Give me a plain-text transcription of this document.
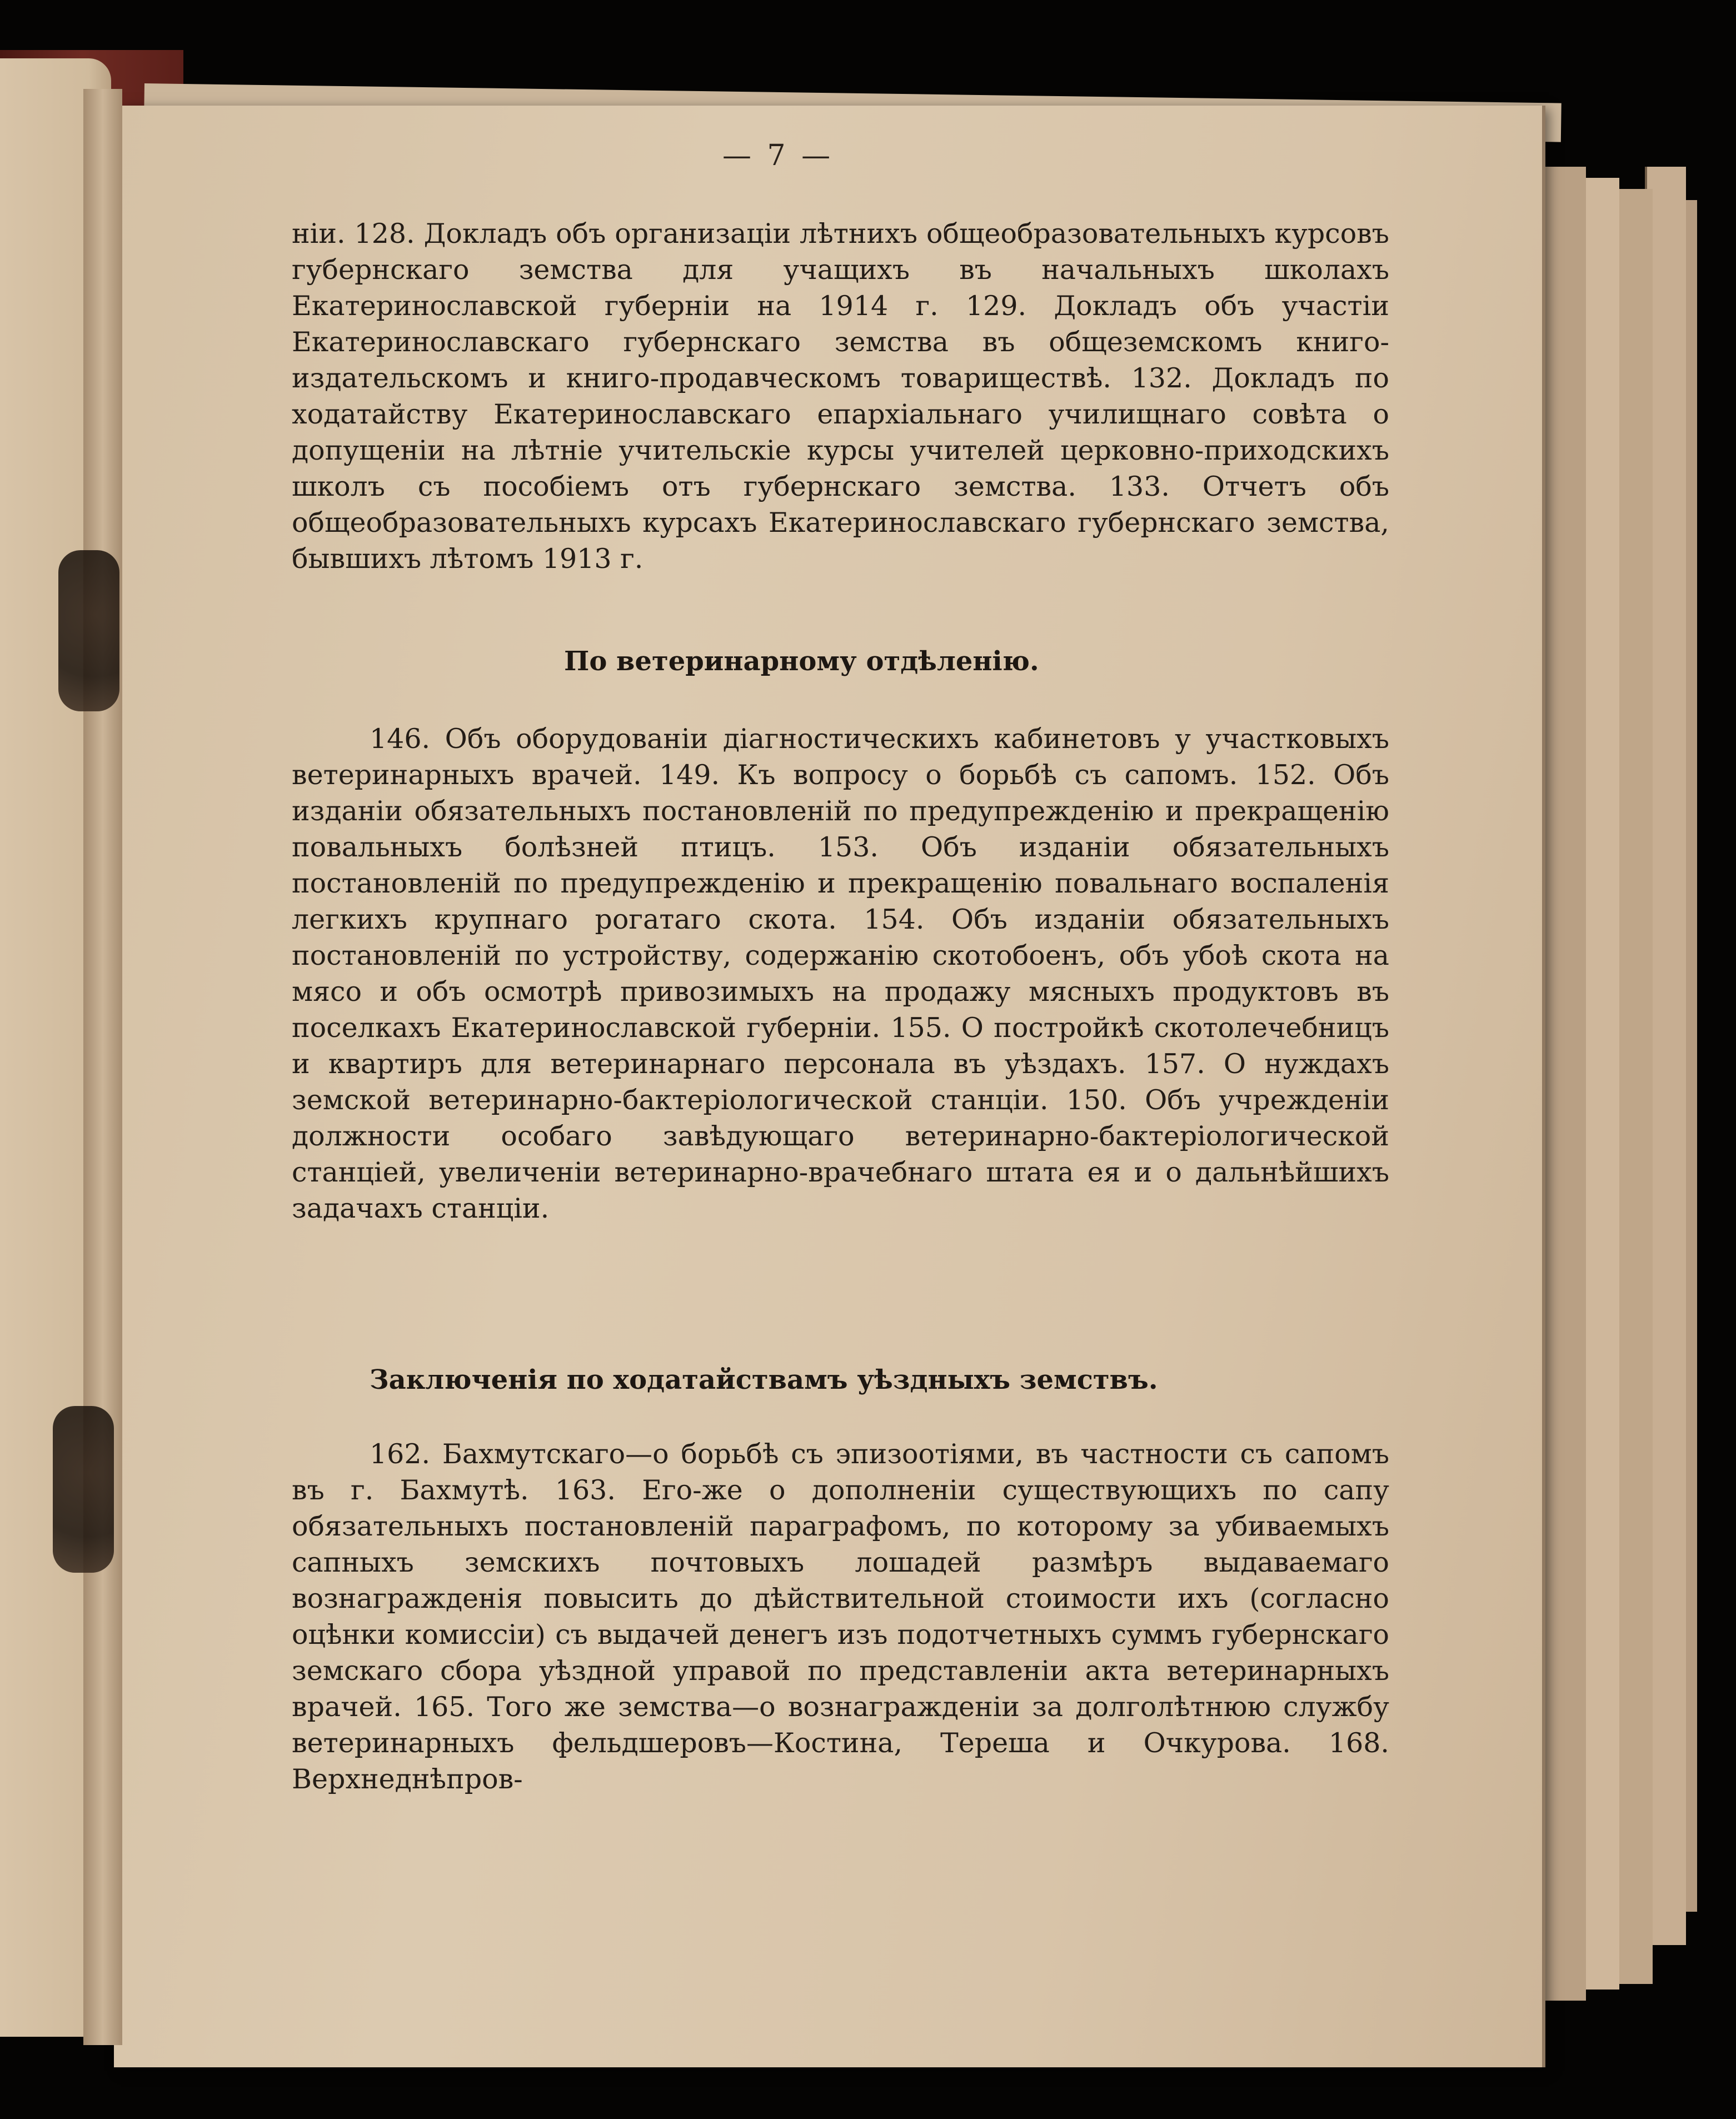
— 7 —
нiи. 128. Докладъ объ организацiи лѣтнихъ общеобразовательныхъ курсовъ губернскаго земства для учащихъ въ начальныхъ школахъ Екатеринославской губернiи на 1914 г. 129. Докладъ объ участiи Екатеринославскаго губернскаго земства въ общеземскомъ книго-издательскомъ и книго-продавческомъ товариществѣ. 132. Докладъ по ходатайству Екатеринославскаго епархiальнаго училищнаго совѣта о допущенiи на лѣтнiе учительскiе курсы учителей церковно-приходскихъ школъ съ пособiемъ отъ губернскаго земства. 133. Отчетъ объ общеобразовательныхъ курсахъ Екатеринославскаго губернскаго земства, бывшихъ лѣтомъ 1913 г.
По ветеринарному отдѣленiю.
146. Объ оборудованiи дiагностическихъ кабинетовъ у участковыхъ ветеринарныхъ врачей. 149. Къ вопросу о борьбѣ съ сапомъ. 152. Объ изданiи обязательныхъ постановленiй по предупрежденiю и прекращенiю повальныхъ болѣзней птицъ. 153. Объ изданiи обязательныхъ постановленiй по предупрежденiю и прекращенiю повальнаго воспаленiя легкихъ крупнаго рогатаго скота. 154. Объ изданiи обязательныхъ постановленiй по устройству, содержанiю скотобоенъ, объ убоѣ скота на мясо и объ осмотрѣ привозимыхъ на продажу мясныхъ продуктовъ въ поселкахъ Екатеринославской губернiи. 155. О постройкѣ скотолечебницъ и квартиръ для ветеринарнаго персонала въ уѣздахъ. 157. О нуждахъ земской ветеринарно-бактерiологической станцiи. 150. Объ учрежденiи должности особаго завѣдующаго ветеринарно-бактерiологической станцiей, увеличенiи ветеринарно-врачебнаго штата ея и о дальнѣйшихъ задачахъ станцiи.
Заключенiя по ходатайствамъ уѣздныхъ земствъ.
162. Бахмутскаго—о борьбѣ съ эпизоотiями, въ частности съ сапомъ въ г. Бахмутѣ. 163. Его-же о дополненiи существующихъ по сапу обязательныхъ постановленiй параграфомъ, по которому за убиваемыхъ сапныхъ земскихъ почтовыхъ лошадей размѣръ выдаваемаго вознагражденiя повысить до дѣйствительной стоимости ихъ (согласно оцѣнки комиссiи) съ выдачей денегъ изъ подотчетныхъ суммъ губернскаго земскаго сбора уѣздной управой по представленiи акта ветеринарныхъ врачей. 165. Того же земства—о вознагражденiи за долголѣтнюю службу ветеринарныхъ фельдшеровъ—Костина, Тереша и Очкурова. 168. Верхнеднѣпров-
